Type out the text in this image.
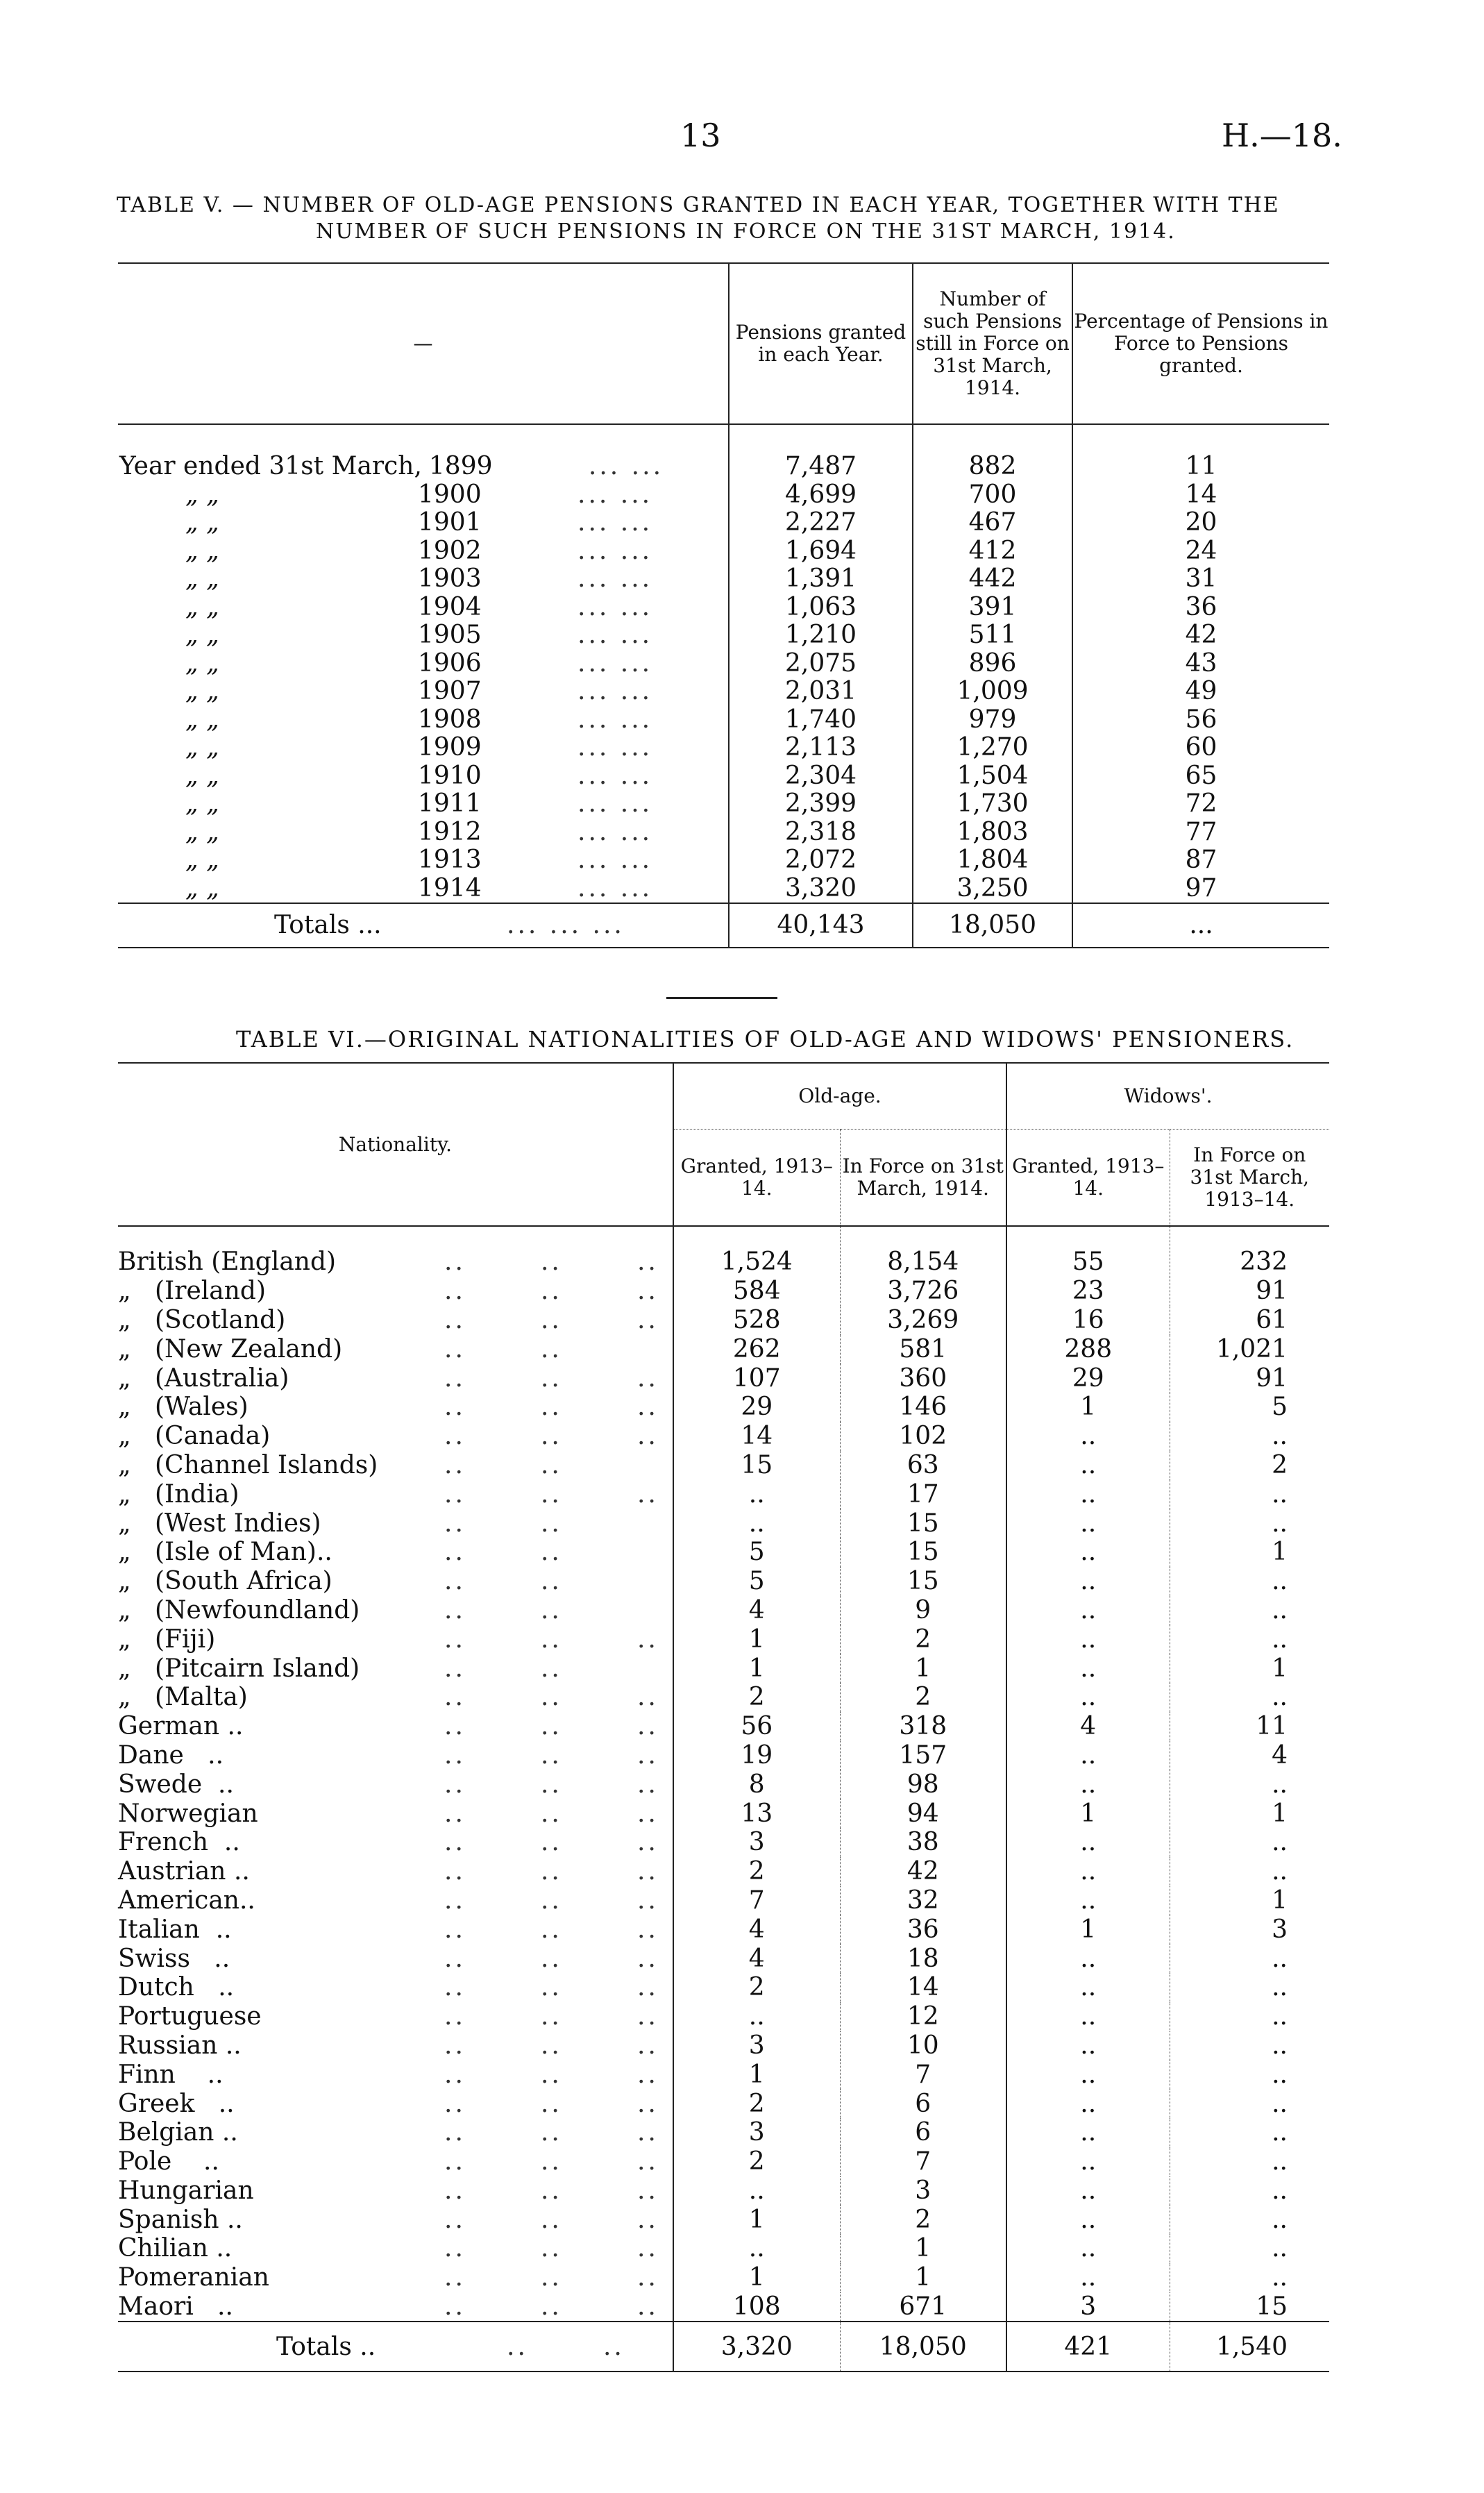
13	H.—18.
TABLE V. — NUMBER OF OLD-AGE PENSIONS GRANTED IN EACH YEAR, TOGETHER WITH THE
NUMBER OF SUCH PENSIONS IN FORCE ON THE 31ST MARCH, 1914.
—	Pensions granted in each Year.	Number of such Pensions still in Force on 31st March, 1914.	Percentage of Pensions in Force to Pensions granted.
Year ended 31st March, 1899 ... ...	7,487	882	11
„ „ 1900 ... ...	4,699	700	14
„ „ 1901 ... ...	2,227	467	20
„ „ 1902 ... ...	1,694	412	24
„ „ 1903 ... ...	1,391	442	31
„ „ 1904 ... ...	1,063	391	36
„ „ 1905 ... ...	1,210	511	42
„ „ 1906 ... ...	2,075	896	43
„ „ 1907 ... ...	2,031	1,009	49
„ „ 1908 ... ...	1,740	979	56
„ „ 1909 ... ...	2,113	1,270	60
„ „ 1910 ... ...	2,304	1,504	65
„ „ 1911 ... ...	2,399	1,730	72
„ „ 1912 ... ...	2,318	1,803	77
„ „ 1913 ... ...	2,072	1,804	87
„ „ 1914 ... ...	3,320	3,250	97
Totals ... ... ... ...	40,143	18,050	...
TABLE VI.—ORIGINAL NATIONALITIES OF OLD-AGE AND WIDOWS' PENSIONERS.
Nationality.	Old-age.		Widows'.	
	Granted, 1913–14.	In Force on 31st March, 1914.	Granted, 1913–14.	In Force on 31st March, 1913–14.
British (England) ..       ..       ..	1,524	8,154	55	232
„   (Ireland) ..       ..       ..	584	3,726	23	91
„   (Scotland) ..       ..       ..	528	3,269	16	61
„   (New Zealand) ..       ..	262	581	288	1,021
„   (Australia) ..       ..       ..	107	360	29	91
„   (Wales) ..       ..       ..	29	146	1	5
„   (Canada) ..       ..       ..	14	102	..	..
„   (Channel Islands) ..       ..	15	63	..	2
„   (India) ..       ..       ..	..	17	..	..
„   (West Indies) ..       ..	..	15	..	..
„   (Isle of Man).. ..       ..	5	15	..	1
„   (South Africa) ..       ..	5	15	..	..
„   (Newfoundland) ..       ..	4	9	..	..
„   (Fiji) ..       ..       ..	1	2	..	..
„   (Pitcairn Island) ..       ..	1	1	..	1
„   (Malta) ..       ..       ..	2	2	..	..
German .. ..       ..       ..	56	318	4	11
Dane   .. ..       ..       ..	19	157	..	4
Swede  .. ..       ..       ..	8	98	..	..
Norwegian ..       ..       ..	13	94	1	1
French  .. ..       ..       ..	3	38	..	..
Austrian .. ..       ..       ..	2	42	..	..
American.. ..       ..       ..	7	32	..	1
Italian  .. ..       ..       ..	4	36	1	3
Swiss   .. ..       ..       ..	4	18	..	..
Dutch   .. ..       ..       ..	2	14	..	..
Portuguese ..       ..       ..	..	12	..	..
Russian .. ..       ..       ..	3	10	..	..
Finn    .. ..       ..       ..	1	7	..	..
Greek   .. ..       ..       ..	2	6	..	..
Belgian .. ..       ..       ..	3	6	..	..
Pole    .. ..       ..       ..	2	7	..	..
Hungarian ..       ..       ..	..	3	..	..
Spanish .. ..       ..       ..	1	2	..	..
Chilian .. ..       ..       ..	..	1	..	..
Pomeranian ..       ..       ..	1	1	..	..
Maori   .. ..       ..       ..	108	671	3	15
Totals .. ..       ..	3,320	18,050	421	1,540
